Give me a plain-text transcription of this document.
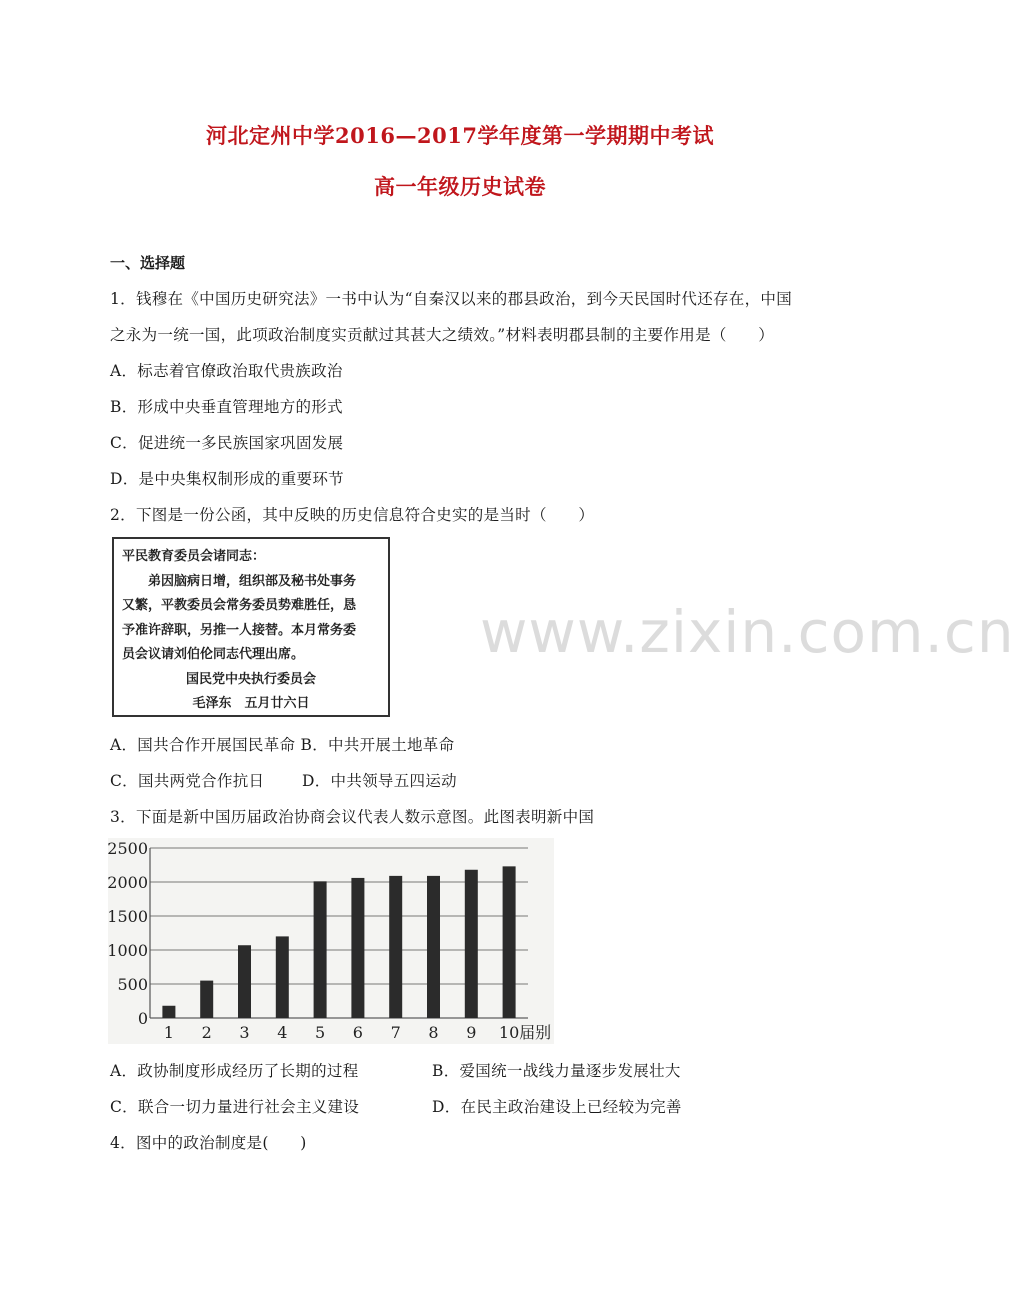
河北定州中学2016—2017学年度第一学期期中考试
高一年级历史试卷
一、选择题
1．钱穆在《中国历史研究法》一书中认为“自秦汉以来的郡县政治，到今天民国时代还存在，中国
之永为一统一国，此项政治制度实贡献过其甚大之绩效。”材料表明郡县制的主要作用是（　　）
A．标志着官僚政治取代贵族政治
B．形成中央垂直管理地方的形式
C．促进统一多民族国家巩固发展
D．是中央集权制形成的重要环节
2．下图是一份公函，其中反映的历史信息符合史实的是当时（　　）
www.zixin.com.cn
平民教育委员会诸同志：
　　弟因脑病日增，组织部及秘书处事务
又繁，平教委员会常务委员势难胜任，恳
予准许辞职，另推一人接替。本月常务委
员会议请刘伯伦同志代理出席。
国民党中央执行委员会
毛泽东　五月廿六日
A．国共合作开展国民革命 B．中共开展土地革命
C．国共两党合作抗日 D．中共领导五四运动
3．下面是新中国历届政治协商会议代表人数示意图。此图表明新中国
0
500
1000
1500
2000
2500
1 2 3 4 5 6 7 8 9 10 届别
A．政协制度形成经历了长期的过程	B．爱国统一战线力量逐步发展壮大
C．联合一切力量进行社会主义建设	D．在民主政治建设上已经较为完善
4．图中的政治制度是(　　)
